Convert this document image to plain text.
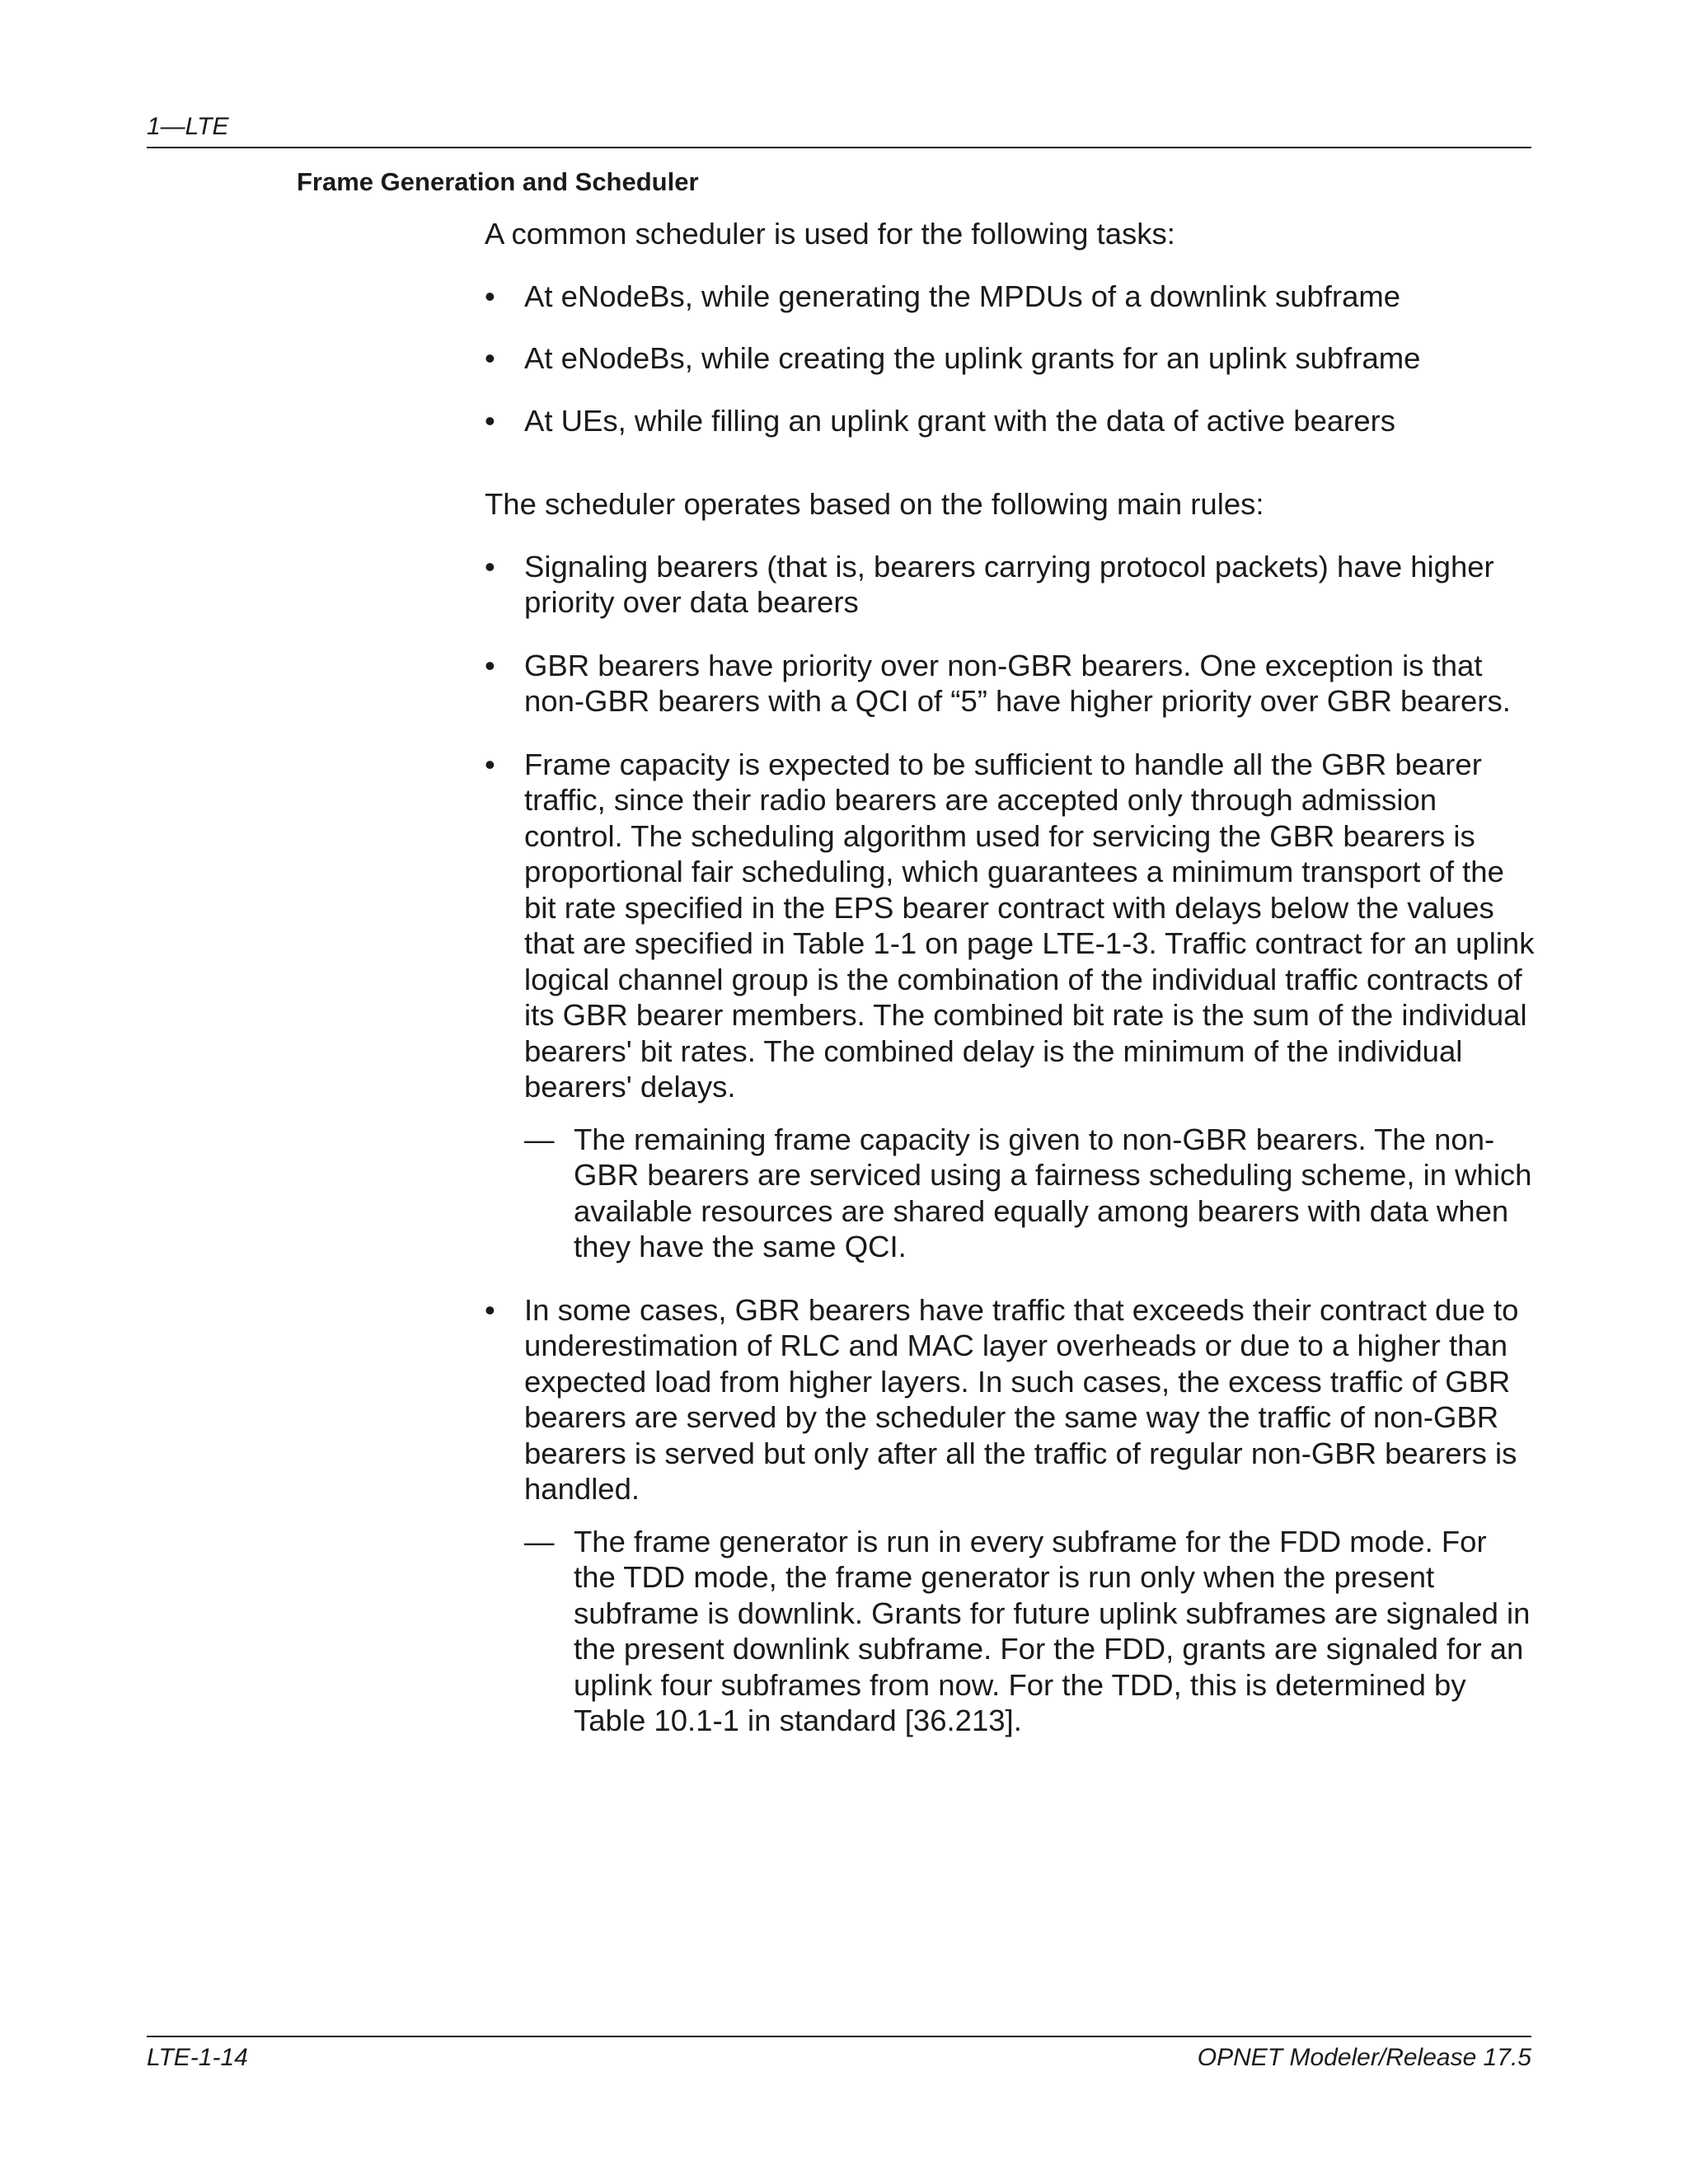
1—LTE

Frame Generation and Scheduler

A common scheduler is used for the following tasks:

• At eNodeBs, while generating the MPDUs of a downlink subframe
• At eNodeBs, while creating the uplink grants for an uplink subframe
• At UEs, while filling an uplink grant with the data of active bearers

The scheduler operates based on the following main rules:

• Signaling bearers (that is, bearers carrying protocol packets) have higher priority over data bearers

• GBR bearers have priority over non-GBR bearers. One exception is that non-GBR bearers with a QCI of “5” have higher priority over GBR bearers.

• Frame capacity is expected to be sufficient to handle all the GBR bearer traffic, since their radio bearers are accepted only through admission control. The scheduling algorithm used for servicing the GBR bearers is proportional fair scheduling, which guarantees a minimum transport of the bit rate specified in the EPS bearer contract with delays below the values that are specified in Table 1-1 on page LTE-1-3. Traffic contract for an uplink logical channel group is the combination of the individual traffic contracts of its GBR bearer members. The combined bit rate is the sum of the individual bearers' bit rates. The combined delay is the minimum of the individual bearers' delays.

— The remaining frame capacity is given to non-GBR bearers. The non-GBR bearers are serviced using a fairness scheduling scheme, in which available resources are shared equally among bearers with data when they have the same QCI.

• In some cases, GBR bearers have traffic that exceeds their contract due to underestimation of RLC and MAC layer overheads or due to a higher than expected load from higher layers. In such cases, the excess traffic of GBR bearers are served by the scheduler the same way the traffic of non-GBR bearers is served but only after all the traffic of regular non-GBR bearers is handled.

— The frame generator is run in every subframe for the FDD mode. For the TDD mode, the frame generator is run only when the present subframe is downlink. Grants for future uplink subframes are signaled in the present downlink subframe. For the FDD, grants are signaled for an uplink four subframes from now. For the TDD, this is determined by Table 10.1-1 in standard [36.213].

LTE-1-14	OPNET Modeler/Release 17.5
